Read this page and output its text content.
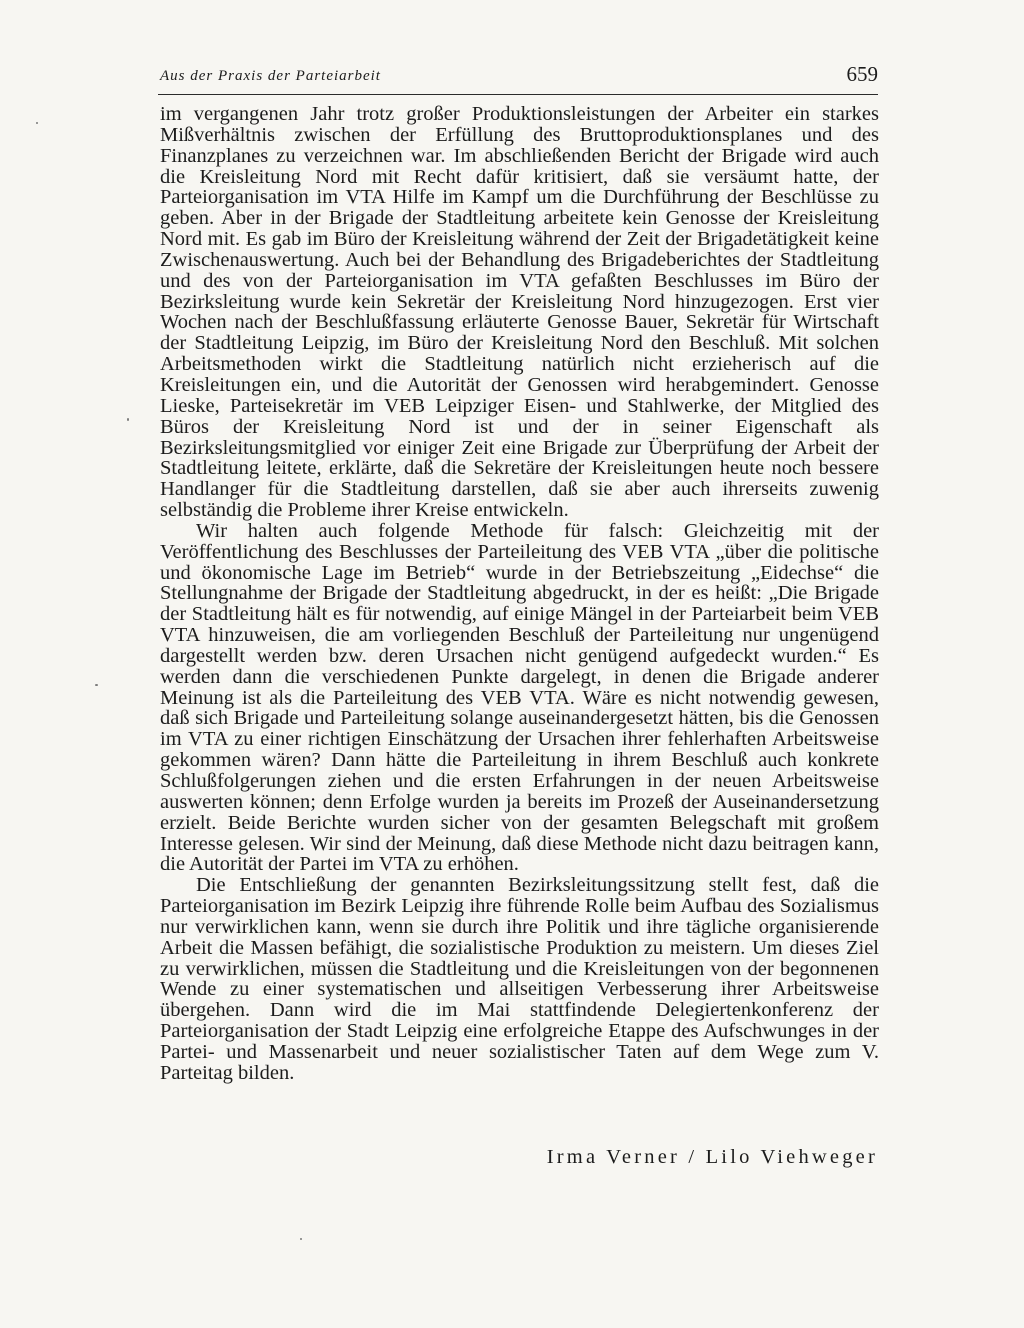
Aus der Praxis der Parteiarbeit	659

im vergangenen Jahr trotz großer Produktionsleistungen der Arbeiter ein starkes Mißverhältnis zwischen der Erfüllung des Bruttoproduktionsplanes und des Finanzplanes zu verzeichnen war. Im abschließenden Bericht der Brigade wird auch die Kreisleitung Nord mit Recht dafür kritisiert, daß sie versäumt hatte, der Parteiorganisation im VTA Hilfe im Kampf um die Durchführung der Beschlüsse zu geben. Aber in der Brigade der Stadtleitung arbeitete kein Genosse der Kreisleitung Nord mit. Es gab im Büro der Kreisleitung während der Zeit der Brigadetätigkeit keine Zwischenauswertung. Auch bei der Behandlung des Brigadeberichtes der Stadtleitung und des von der Parteiorganisation im VTA gefaßten Beschlusses im Büro der Bezirksleitung wurde kein Sekretär der Kreisleitung Nord hinzugezogen. Erst vier Wochen nach der Beschlußfassung erläuterte Genosse Bauer, Sekretär für Wirtschaft der Stadtleitung Leipzig, im Büro der Kreisleitung Nord den Beschluß. Mit solchen Arbeitsmethoden wirkt die Stadtleitung natürlich nicht erzieherisch auf die Kreisleitungen ein, und die Autorität der Genossen wird herabgemindert. Genosse Lieske, Parteisekretär im VEB Leipziger Eisen- und Stahlwerke, der Mitglied des Büros der Kreisleitung Nord ist und der in seiner Eigenschaft als Bezirksleitungsmitglied vor einiger Zeit eine Brigade zur Überprüfung der Arbeit der Stadtleitung leitete, erklärte, daß die Sekretäre der Kreisleitungen heute noch bessere Handlanger für die Stadtleitung darstellen, daß sie aber auch ihrerseits zuwenig selbständig die Probleme ihrer Kreise entwickeln.

Wir halten auch folgende Methode für falsch: Gleichzeitig mit der Veröffentlichung des Beschlusses der Parteileitung des VEB VTA „über die politische und ökonomische Lage im Betrieb“ wurde in der Betriebszeitung „Eidechse“ die Stellungnahme der Brigade der Stadtleitung abgedruckt, in der es heißt: „Die Brigade der Stadtleitung hält es für notwendig, auf einige Mängel in der Parteiarbeit beim VEB VTA hinzuweisen, die am vorliegenden Beschluß der Parteileitung nur ungenügend dargestellt werden bzw. deren Ursachen nicht genügend aufgedeckt wurden.“ Es werden dann die verschiedenen Punkte dargelegt, in denen die Brigade anderer Meinung ist als die Parteileitung des VEB VTA. Wäre es nicht notwendig gewesen, daß sich Brigade und Parteileitung solange auseinandergesetzt hätten, bis die Genossen im VTA zu einer richtigen Einschätzung der Ursachen ihrer fehlerhaften Arbeitsweise gekommen wären? Dann hätte die Parteileitung in ihrem Beschluß auch konkrete Schlußfolgerungen ziehen und die ersten Erfahrungen in der neuen Arbeitsweise auswerten können; denn Erfolge wurden ja bereits im Prozeß der Auseinandersetzung erzielt. Beide Berichte wurden sicher von der gesamten Belegschaft mit großem Interesse gelesen. Wir sind der Meinung, daß diese Methode nicht dazu beitragen kann, die Autorität der Partei im VTA zu erhöhen.

Die Entschließung der genannten Bezirksleitungssitzung stellt fest, daß die Parteiorganisation im Bezirk Leipzig ihre führende Rolle beim Aufbau des Sozialismus nur verwirklichen kann, wenn sie durch ihre Politik und ihre tägliche organisierende Arbeit die Massen befähigt, die sozialistische Produktion zu meistern. Um dieses Ziel zu verwirklichen, müssen die Stadtleitung und die Kreisleitungen von der begonnenen Wende zu einer systematischen und allseitigen Verbesserung ihrer Arbeitsweise übergehen. Dann wird die im Mai stattfindende Delegiertenkonferenz der Parteiorganisation der Stadt Leipzig eine erfolgreiche Etappe des Aufschwunges in der Partei- und Massenarbeit und neuer sozialistischer Taten auf dem Wege zum V. Parteitag bilden.

Irma Verner / Lilo Viehweger
